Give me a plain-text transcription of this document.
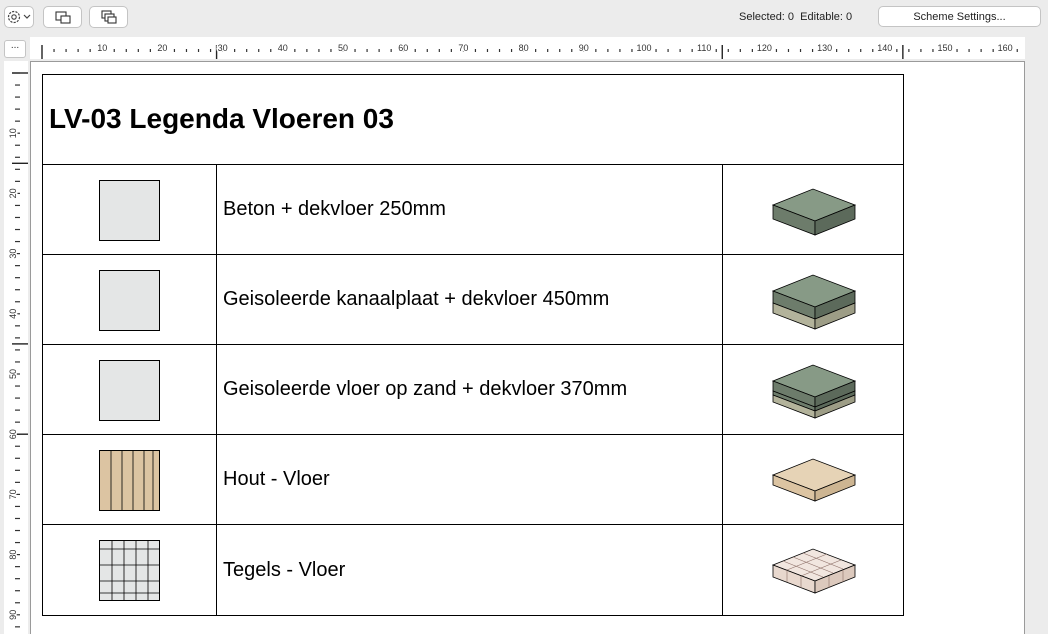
Selected: 0 Editable: 0	Scheme Settings...
...	10	20	30	40	50	60	70	80	90	100	110	120	130	140	150	160
10
20
30
40
50
60
70
80
90
LV-03 Legenda Vloeren 03
Beton + dekvloer 250mm
Geisoleerde kanaalplaat + dekvloer 450mm
Geisoleerde vloer op zand + dekvloer 370mm
Hout - Vloer
Tegels - Vloer
